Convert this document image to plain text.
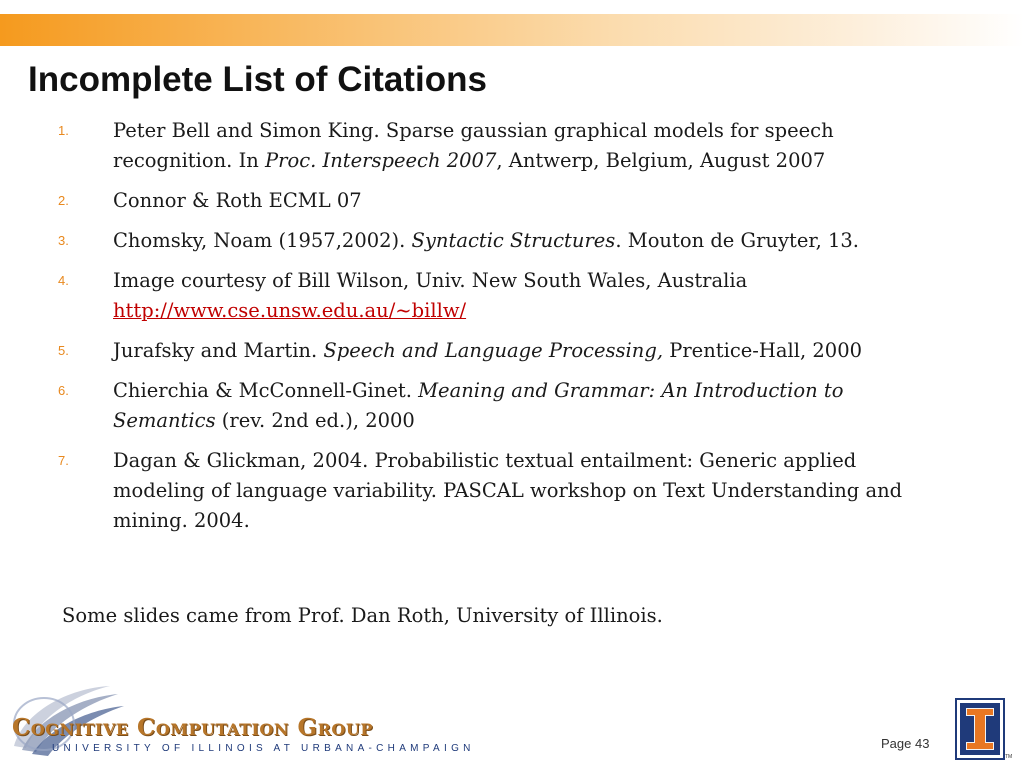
Incomplete List of Citations
1. Peter Bell and Simon King. Sparse gaussian graphical models for speech recognition. In Proc. Interspeech 2007, Antwerp, Belgium, August 2007
2. Connor & Roth ECML 07
3. Chomsky, Noam (1957,2002). Syntactic Structures. Mouton de Gruyter, 13.
4. Image courtesy of Bill Wilson, Univ. New South Wales, Australia http://www.cse.unsw.edu.au/~billw/
5. Jurafsky and Martin. Speech and Language Processing, Prentice-Hall, 2000
6. Chierchia & McConnell-Ginet. Meaning and Grammar: An Introduction to Semantics (rev. 2nd ed.), 2000
7. Dagan & Glickman, 2004. Probabilistic textual entailment: Generic applied modeling of language variability. PASCAL workshop on Text Understanding and mining. 2004.

Some slides came from Prof. Dan Roth, University of Illinois.

Cognitive Computation Group
UNIVERSITY OF ILLINOIS AT URBANA-CHAMPAIGN	Page 43
TM
